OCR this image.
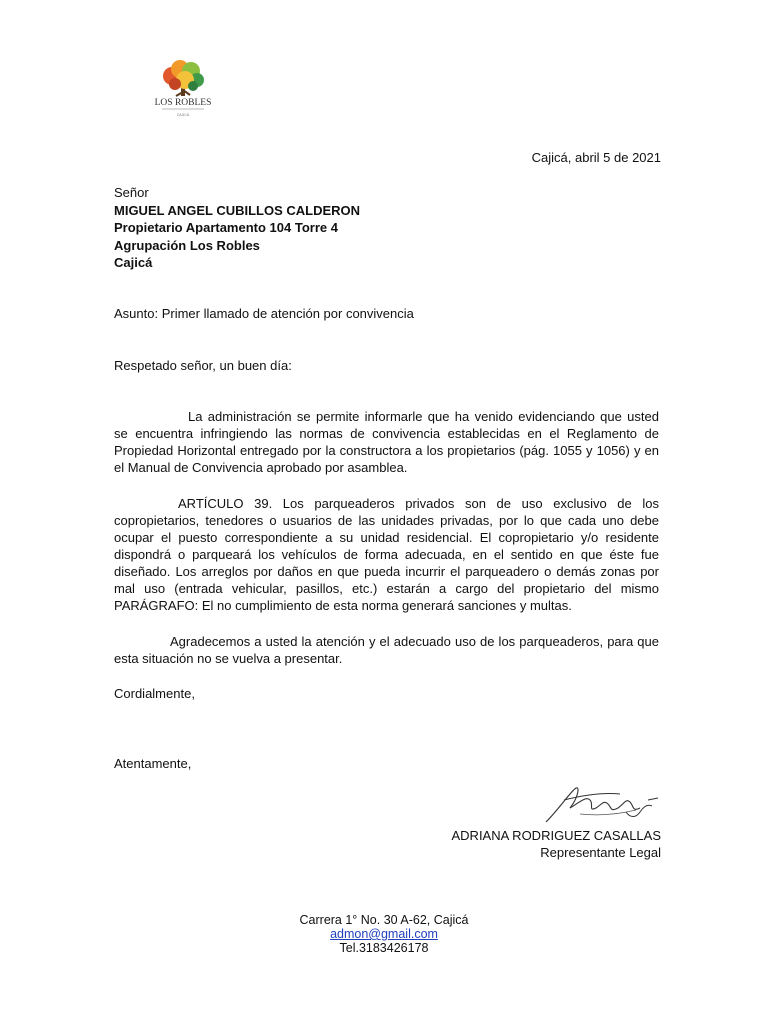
LOS ROBLES
CAJICÁ
Cajicá, abril 5 de 2021
Señor
MIGUEL ANGEL CUBILLOS CALDERON
Propietario Apartamento 104 Torre 4
Agrupación Los Robles
Cajicá
Asunto: Primer llamado de atención por convivencia
Respetado señor, un buen día:
La administración se permite informarle que ha venido evidenciando que usted se encuentra infringiendo las normas de convivencia establecidas en el Reglamento de Propiedad Horizontal entregado por la constructora a los propietarios (pág. 1055 y 1056) y en el Manual de Convivencia aprobado por asamblea.
ARTÍCULO 39. Los parqueaderos privados son de uso exclusivo de los copropietarios, tenedores o usuarios de las unidades privadas, por lo que cada uno debe ocupar el puesto correspondiente a su unidad residencial. El copropietario y/o residente dispondrá o parqueará los vehículos de forma adecuada, en el sentido en que éste fue diseñado. Los arreglos por daños en que pueda incurrir el parqueadero o demás zonas por mal uso (entrada vehicular, pasillos, etc.) estarán a cargo del propietario del mismo PARÁGRAFO: El no cumplimiento de esta norma generará sanciones y multas.
Agradecemos a usted la atención y el adecuado uso de los parqueaderos, para que esta situación no se vuelva a presentar.
Cordialmente,
Atentamente,
ADRIANA RODRIGUEZ CASALLAS
Representante Legal
Carrera 1° No. 30 A-62, Cajicá
admon@gmail.com
Tel.3183426178
